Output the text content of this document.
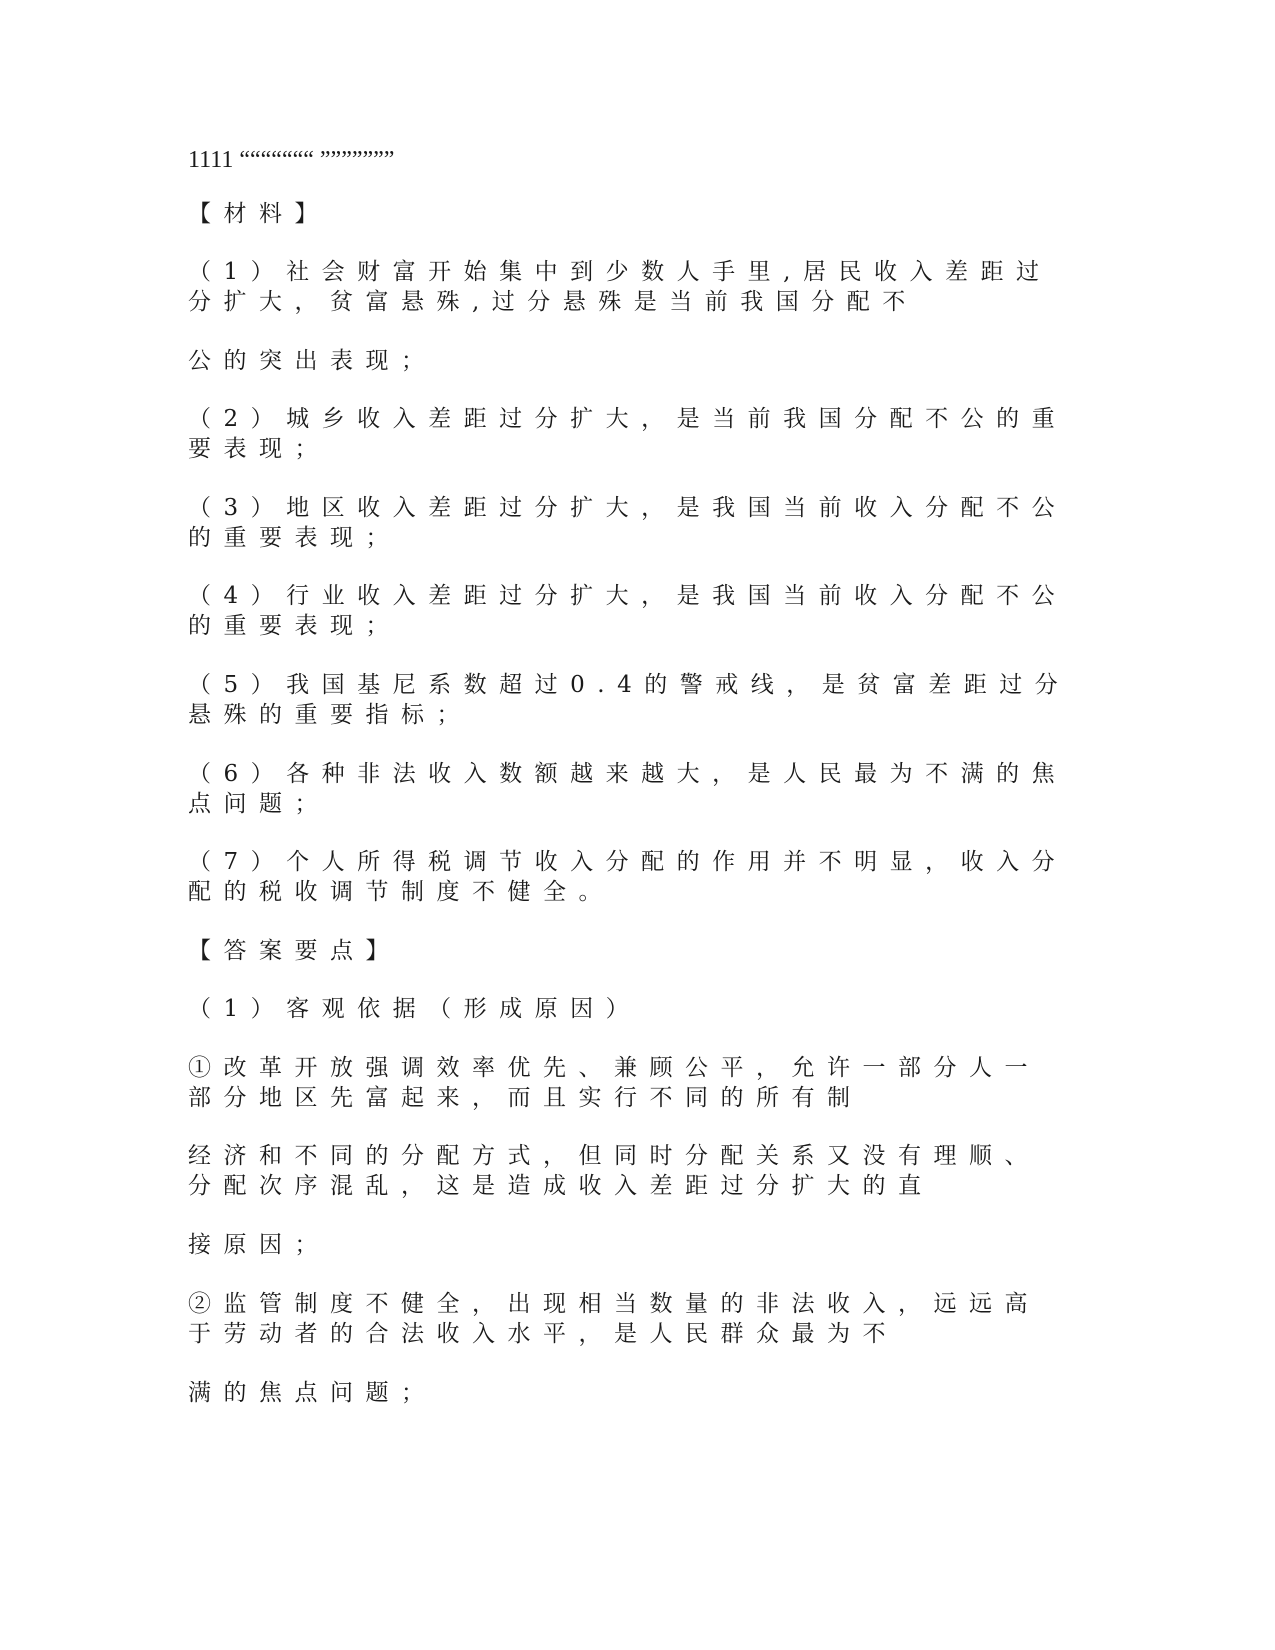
1111 “““““““ ”””””””
【材料】
（1）社会财富开始集中到少数人手里,居民收入差距过
分扩大，贫富悬殊,过分悬殊是当前我国分配不
公的突出表现；
（2）城乡收入差距过分扩大，是当前我国分配不公的重
要表现；
（3）地区收入差距过分扩大，是我国当前收入分配不公
的重要表现；
（4）行业收入差距过分扩大，是我国当前收入分配不公
的重要表现；
（5）我国基尼系数超过0.4的警戒线，是贫富差距过分
悬殊的重要指标；
（6）各种非法收入数额越来越大，是人民最为不满的焦
点问题；
（7）个人所得税调节收入分配的作用并不明显，收入分
配的税收调节制度不健全。
【答案要点】
（1）客观依据（形成原因）
①改革开放强调效率优先、兼顾公平，允许一部分人一
部分地区先富起来，而且实行不同的所有制
经济和不同的分配方式，但同时分配关系又没有理顺、
分配次序混乱，这是造成收入差距过分扩大的直
接原因；
②监管制度不健全，出现相当数量的非法收入，远远高
于劳动者的合法收入水平，是人民群众最为不
满的焦点问题；
